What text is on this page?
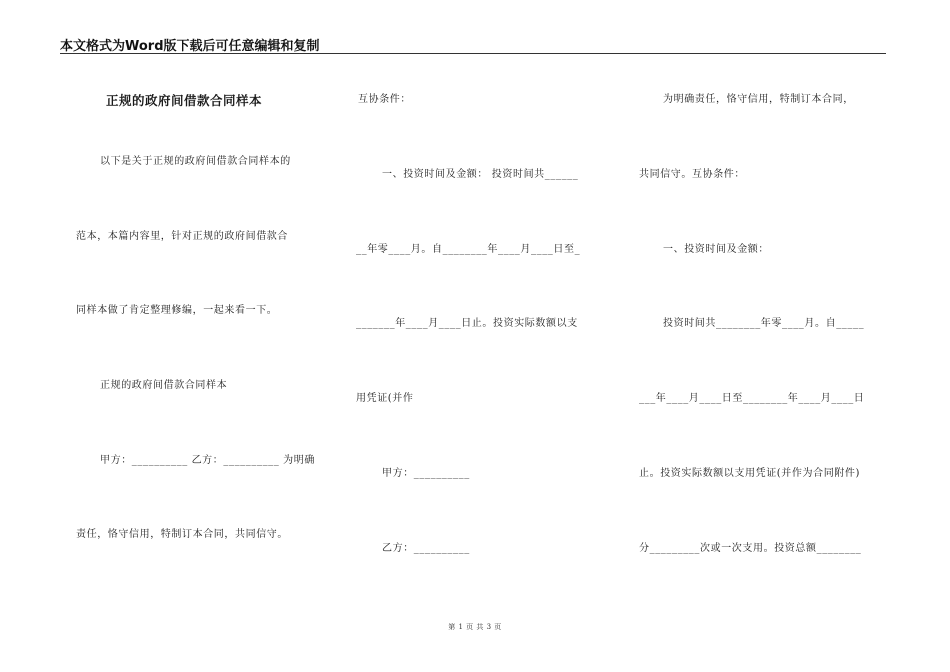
本文格式为Word版下载后可任意编辑和复制
正规的政府间借款合同样本
以下是关于正规的政府间借款合同样本的
范本，本篇内容里，针对正规的政府间借款合
同样本做了肯定整理修编，一起来看一下。
正规的政府间借款合同样本
甲方：__________ 乙方：__________ 为明确
责任，恪守信用，特制订本合同，共同信守。
互协条件：
一、投资时间及金额： 投资时间共______
__年零____月。自________年____月____日至_
_______年____月____日止。投资实际数额以支
用凭证(并作
甲方：__________
乙方：__________
为明确责任，恪守信用，特制订本合同，
共同信守。互协条件：
一、投资时间及金额：
投资时间共________年零____月。自_____
___年____月____日至________年____月____日
止。投资实际数额以支用凭证(并作为合同附件)
分_________次或一次支用。投资总额________
第 1 页 共 3 页
